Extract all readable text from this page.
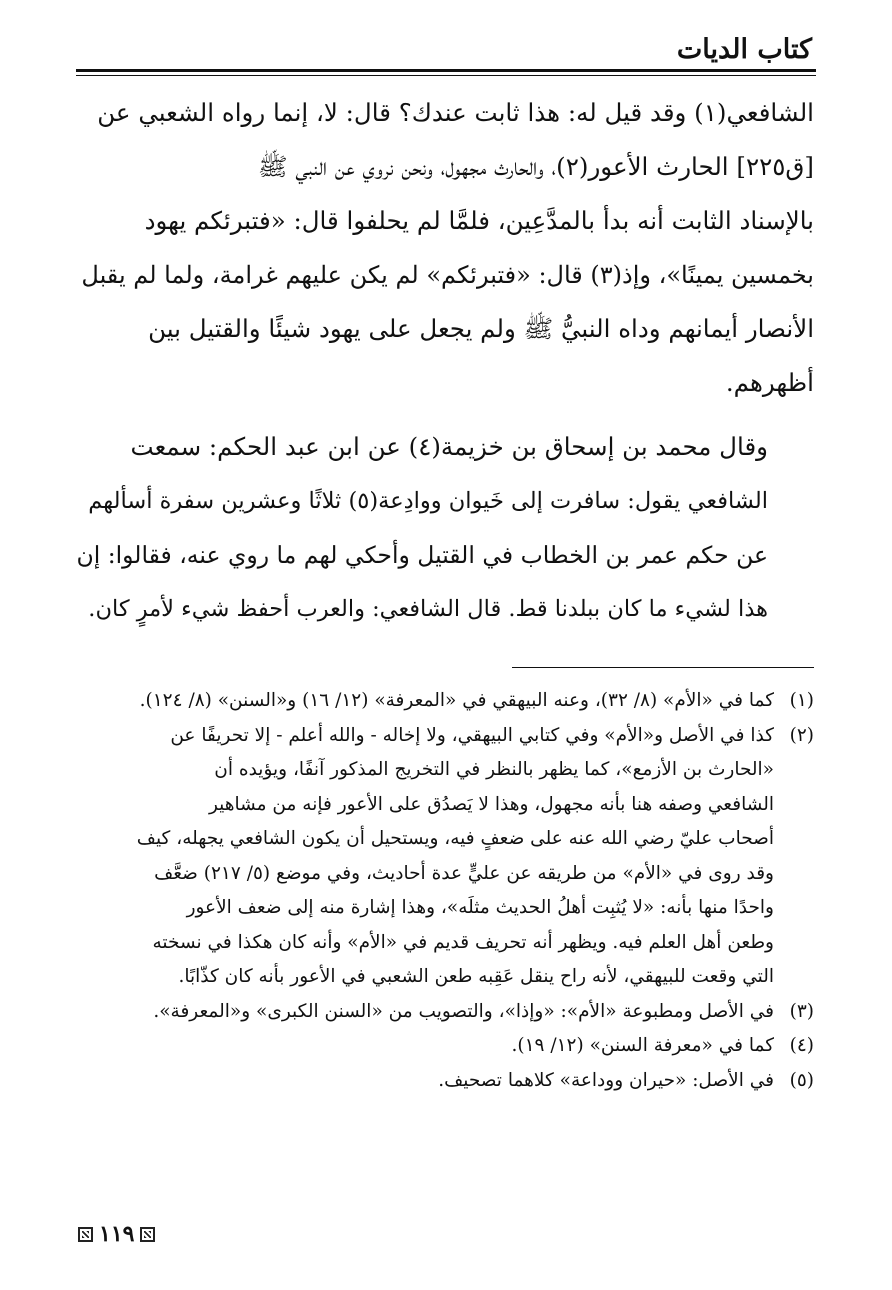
كتاب الديات

الشافعي(١) وقد قيل له: هذا ثابت عندك؟ قال: لا، إنما رواه الشعبي عن
[ق٢٢٥] الحارث الأعور(٢)، والحارث مجهول، ونحن نروي عن النبي ﷺ
بالإسناد الثابت أنه بدأ بالمدَّعِين، فلمَّا لم يحلفوا قال: «فتبرئكم يهود
بخمسين يمينًا»، وإذ(٣) قال: «فتبرئكم» لم يكن عليهم غرامة، ولما لم يقبل
الأنصار أيمانهم وداه النبيُّ ﷺ ولم يجعل على يهود شيئًا والقتيل بين
أظهرهم.

وقال محمد بن إسحاق بن خزيمة(٤) عن ابن عبد الحكم: سمعت
الشافعي يقول: سافرت إلى خَيوان ووادِعة(٥) ثلاثًا وعشرين سفرة أسألهم
عن حكم عمر بن الخطاب في القتيل وأحكي لهم ما روي عنه، فقالوا: إن
هذا لشيء ما كان ببلدنا قط. قال الشافعي: والعرب أحفظ شيء لأمرٍ كان.

(١)
كما في «الأم» (٨/ ٣٢)، وعنه البيهقي في «المعرفة» (١٢/ ١٦) و«السنن» (٨/ ١٢٤).
(٢)
كذا في الأصل و«الأم» وفي كتابي البيهقي، ولا إخاله - والله أعلم - إلا تحريفًا عن
«الحارث بن الأزمع»، كما يظهر بالنظر في التخريج المذكور آنفًا، ويؤيده أن
الشافعي وصفه هنا بأنه مجهول، وهذا لا يَصدُق على الأعور فإنه من مشاهير
أصحاب عليّ رضي الله عنه على ضعفٍ فيه، ويستحيل أن يكون الشافعي يجهله، كيف
وقد روى في «الأم» من طريقه عن عليٍّ عدة أحاديث، وفي موضع (٥/ ٢١٧) ضعَّف
واحدًا منها بأنه: «لا يُثبِت أهلُ الحديث مثلَه»، وهذا إشارة منه إلى ضعف الأعور
وطعن أهل العلم فيه. ويظهر أنه تحريف قديم في «الأم» وأنه كان هكذا في نسخته
التي وقعت للبيهقي، لأنه راح ينقل عَقِبه طعن الشعبي في الأعور بأنه كان كذّابًا.
(٣)
في الأصل ومطبوعة «الأم»: «وإذا»، والتصويب من «السنن الكبرى» و«المعرفة».
(٤)
كما في «معرفة السنن» (١٢/ ١٩).
(٥)
في الأصل: «حيران ووداعة» كلاهما تصحيف.
١١٩
